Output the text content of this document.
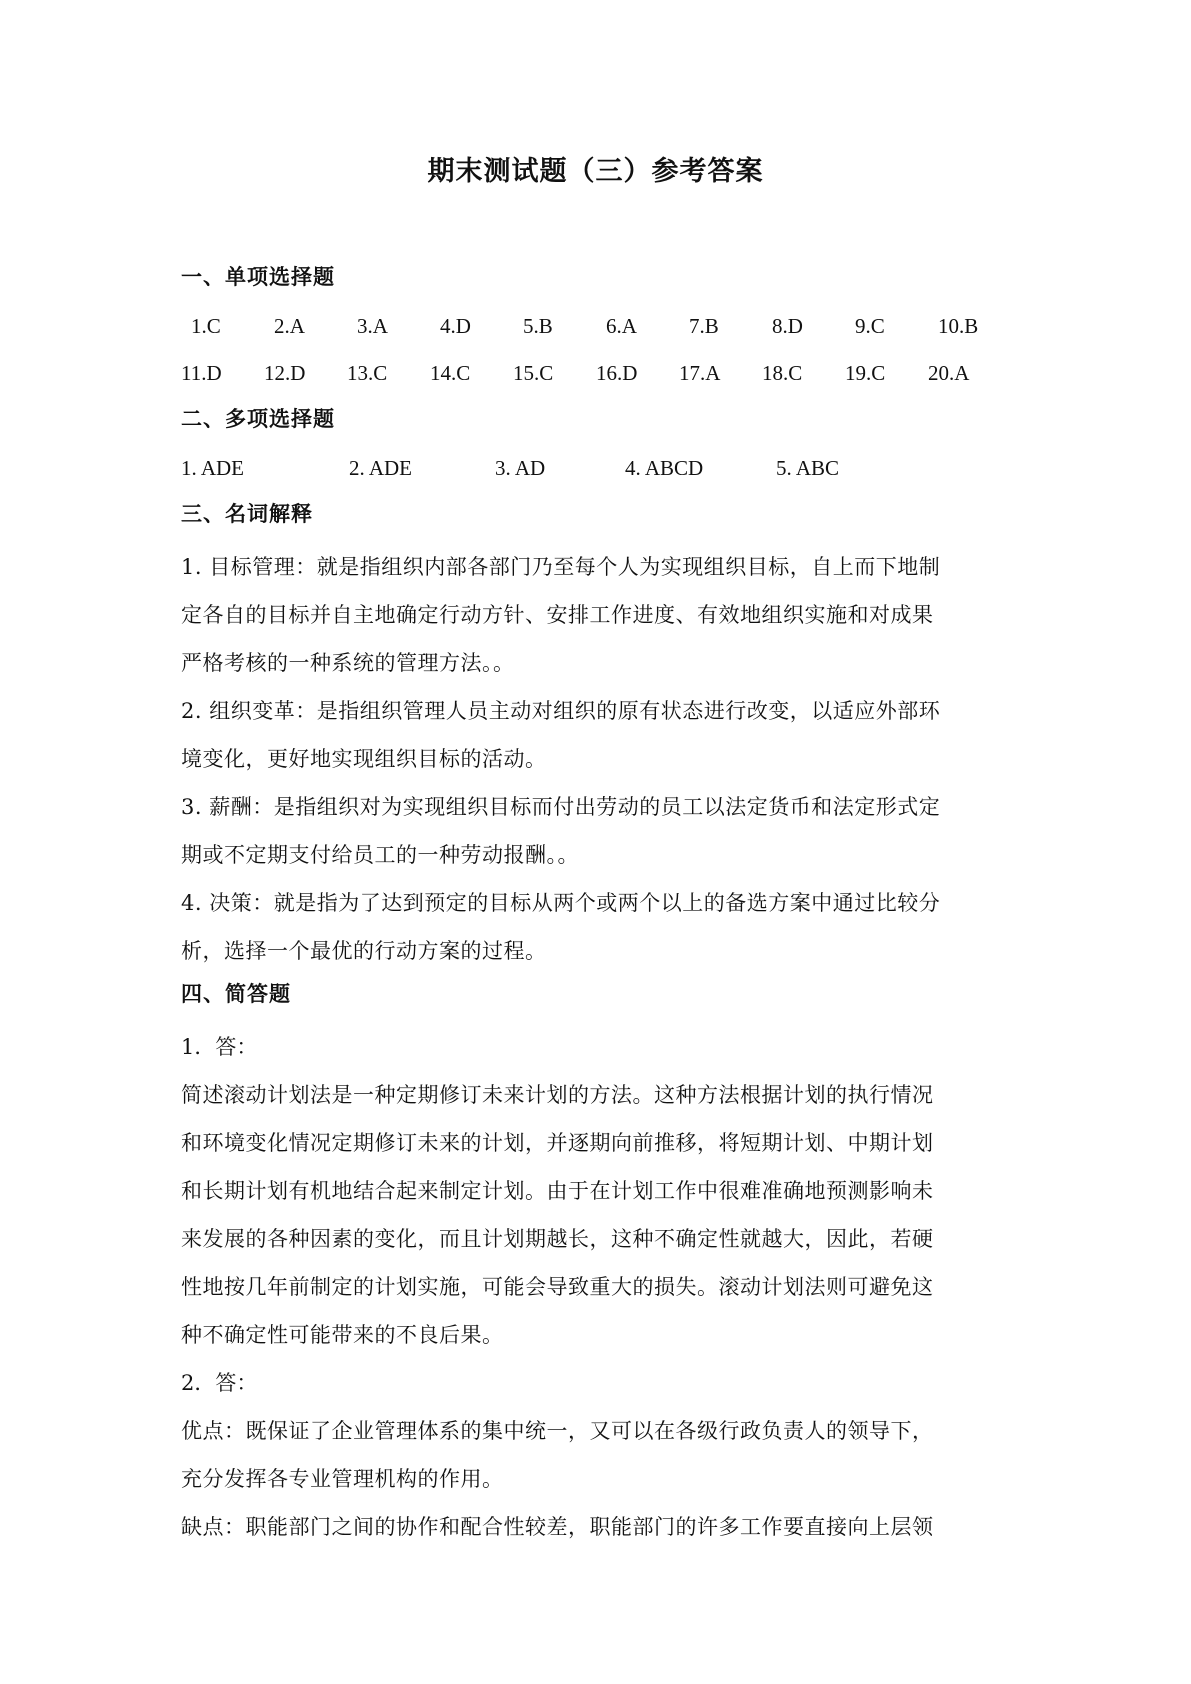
期末测试题（三）参考答案
一、单项选择题
1.C	2.A	3.A	4.D	5.B	6.A	7.B	8.D	9.C	10.B
11.D	12.D	13.C	14.C	15.C	16.D	17.A	18.C	19.C	20.A
二、多项选择题
1. ADE	2. ADE	3. AD	4. ABCD	5. ABC
三、名词解释
1. 目标管理：就是指组织内部各部门乃至每个人为实现组织目标，自上而下地制
定各自的目标并自主地确定行动方针、安排工作进度、有效地组织实施和对成果
严格考核的一种系统的管理方法。。
2. 组织变革：是指组织管理人员主动对组织的原有状态进行改变，以适应外部环
境变化，更好地实现组织目标的活动。
3. 薪酬：是指组织对为实现组织目标而付出劳动的员工以法定货币和法定形式定
期或不定期支付给员工的一种劳动报酬。。
4. 决策：就是指为了达到预定的目标从两个或两个以上的备选方案中通过比较分
析，选择一个最优的行动方案的过程。
四、简答题
1．答：
简述滚动计划法是一种定期修订未来计划的方法。这种方法根据计划的执行情况
和环境变化情况定期修订未来的计划，并逐期向前推移，将短期计划、中期计划
和长期计划有机地结合起来制定计划。由于在计划工作中很难准确地预测影响未
来发展的各种因素的变化，而且计划期越长，这种不确定性就越大，因此，若硬
性地按几年前制定的计划实施，可能会导致重大的损失。滚动计划法则可避免这
种不确定性可能带来的不良后果。
2．答：
优点：既保证了企业管理体系的集中统一，又可以在各级行政负责人的领导下，
充分发挥各专业管理机构的作用。
缺点：职能部门之间的协作和配合性较差，职能部门的许多工作要直接向上层领
